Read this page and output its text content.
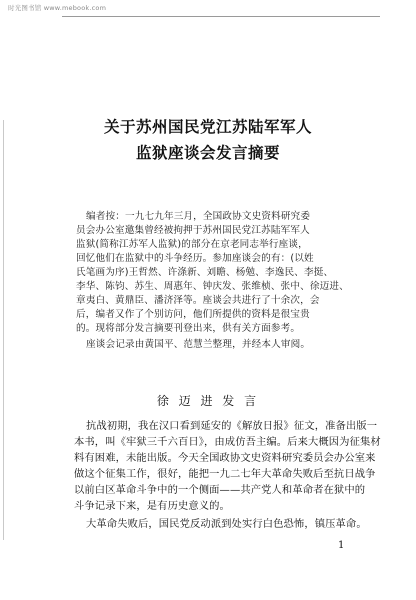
时光图书馆 www.mebook.com
关于苏州国民党江苏陆军军人
监狱座谈会发言摘要
编者按：一九七九年三月，全国政协文史资料研究委
员会办公室邀集曾经被拘押于苏州国民党江苏陆军军人
监狱(简称江苏军人监狱)的部分在京老同志举行座谈，
回忆他们在监狱中的斗争经历。参加座谈会的有：(以姓
氏笔画为序)王哲然、许涤新、刘瞻、杨勉、李逸民、李挺、
李华、陈钧、苏生、周惠年、钟庆发、张维桢、张中、徐迈进、
章夷白、黄鼎臣、潘济泽等。座谈会共进行了十余次，会
后，编者又作了个别访问，他们所提供的资料是很宝贵
的。现将部分发言摘要刊登出来，供有关方面参考。
座谈会记录由黄国平、范慧兰整理，并经本人审阅。
徐 迈 进 发 言
抗战初期，我在汉口看到延安的《解放日报》征文，准备出版一
本书，叫《牢狱三千六百日》，由成仿吾主编。后来大概因为征集材
料有困难，未能出版。今天全国政协文史资料研究委员会办公室来
做这个征集工作，很好，能把一九二七年大革命失败后至抗日战争
以前白区革命斗争中的一个侧面——共产党人和革命者在狱中的
斗争记录下来，是有历史意义的。
大革命失败后，国民党反动派到处实行白色恐怖，镇压革命。
1
